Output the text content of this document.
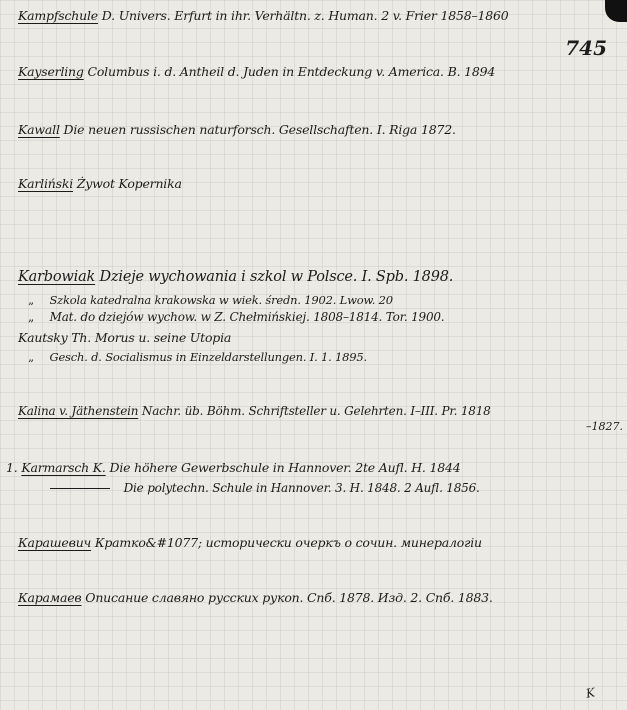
745
Kampfschule D. Univers. Erfurt in ihr. Verhältn. z. Human. 2 v. Frier 1858–1860
Kayserling Columbus i. d. Antheil d. Juden in Entdeckung v. America. B. 1894
Kawall Die neuen russischen naturforsch. Gesellschaften. I. Riga 1872.
Karliński Żywot Kopernika
Karbowiak Dzieje wychowania i szkol w Polsce. I. Spb. 1898.
„ Szkola katedralna krakowska w wiek. średn. 1902. Lwow. 20
„ Mat. do dziejów wychow. w Z. Chełmińskiej. 1808–1814. Tor. 1900.
Kautsky Th. Morus u. seine Utopia
„ Gesch. d. Socialismus in Einzeldarstellungen. I. 1. 1895.
Kalina v. Jäthenstein Nachr. üb. Böhm. Schriftsteller u. Gelehrten. I–III. Pr. 1818
–1827.
1. Karmarsch K. Die höhere Gewerbschule in Hannover. 2te Aufl. H. 1844
Die polytechn. Schule in Hannover. 3. H. 1848. 2 Aufl. 1856.
Карашевич Кратко&#1077; исторически очеркъ о сочин. минералогіи
Карамаев Описание славяно русских рукоп. Спб. 1878. Изд. 2. Спб. 1883.
K
